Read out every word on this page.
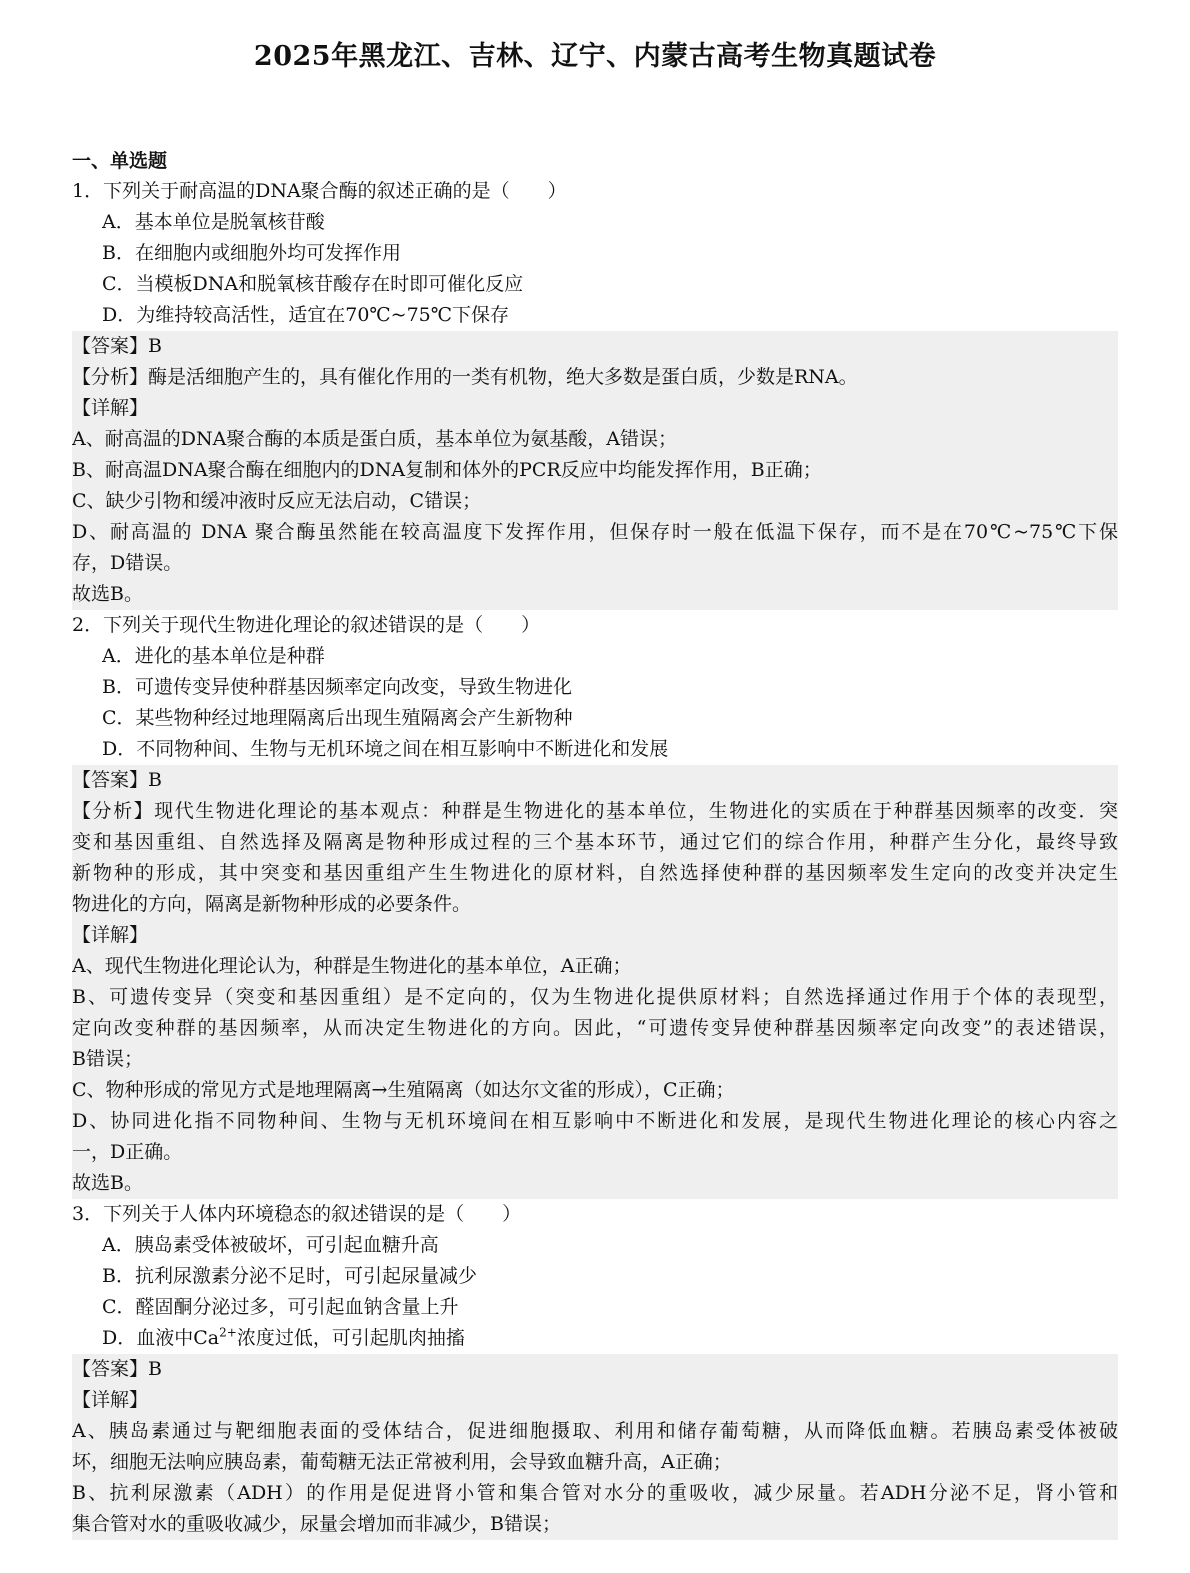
2025年黑龙江、吉林、辽宁、内蒙古高考生物真题试卷
一、单选题
1．下列关于耐高温的DNA聚合酶的叙述正确的是（　　）
A．基本单位是脱氧核苷酸
B．在细胞内或细胞外均可发挥作用
C．当模板DNA和脱氧核苷酸存在时即可催化反应
D．为维持较高活性，适宜在70℃~75℃下保存
【答案】B
【分析】酶是活细胞产生的，具有催化作用的一类有机物，绝大多数是蛋白质，少数是RNA。
【详解】
A、耐高温的DNA聚合酶的本质是蛋白质，基本单位为氨基酸，A错误；
B、耐高温DNA聚合酶在细胞内的DNA复制和体外的PCR反应中均能发挥作用，B正确；
C、缺少引物和缓冲液时反应无法启动，C错误；
D、耐高温的 DNA 聚合酶虽然能在较高温度下发挥作用，但保存时一般在低温下保存，而不是在70℃~75℃下保
存，D错误。
故选B。
2．下列关于现代生物进化理论的叙述错误的是（　　）
A．进化的基本单位是种群
B．可遗传变异使种群基因频率定向改变，导致生物进化
C．某些物种经过地理隔离后出现生殖隔离会产生新物种
D．不同物种间、生物与无机环境之间在相互影响中不断进化和发展
【答案】B
【分析】现代生物进化理论的基本观点：种群是生物进化的基本单位，生物进化的实质在于种群基因频率的改变．突
变和基因重组、自然选择及隔离是物种形成过程的三个基本环节，通过它们的综合作用，种群产生分化，最终导致
新物种的形成，其中突变和基因重组产生生物进化的原材料，自然选择使种群的基因频率发生定向的改变并决定生
物进化的方向，隔离是新物种形成的必要条件。
【详解】
A、现代生物进化理论认为，种群是生物进化的基本单位，A正确；
B、可遗传变异（突变和基因重组）是不定向的，仅为生物进化提供原材料；自然选择通过作用于个体的表现型，
定向改变种群的基因频率，从而决定生物进化的方向。因此，“可遗传变异使种群基因频率定向改变”的表述错误，
B错误；
C、物种形成的常见方式是地理隔离→生殖隔离（如达尔文雀的形成），C正确；
D、协同进化指不同物种间、生物与无机环境间在相互影响中不断进化和发展，是现代生物进化理论的核心内容之
一，D正确。
故选B。
3．下列关于人体内环境稳态的叙述错误的是（　　）
A．胰岛素受体被破坏，可引起血糖升高
B．抗利尿激素分泌不足时，可引起尿量减少
C．醛固酮分泌过多，可引起血钠含量上升
D．血液中$Ca^{2+}$浓度过低，可引起肌肉抽搐
【答案】B
【详解】
A、胰岛素通过与靶细胞表面的受体结合，促进细胞摄取、利用和储存葡萄糖，从而降低血糖。若胰岛素受体被破
坏，细胞无法响应胰岛素，葡萄糖无法正常被利用，会导致血糖升高，A正确；
B、抗利尿激素（ADH）的作用是促进肾小管和集合管对水分的重吸收，减少尿量。若ADH分泌不足，肾小管和
集合管对水的重吸收减少，尿量会增加而非减少，B错误；
